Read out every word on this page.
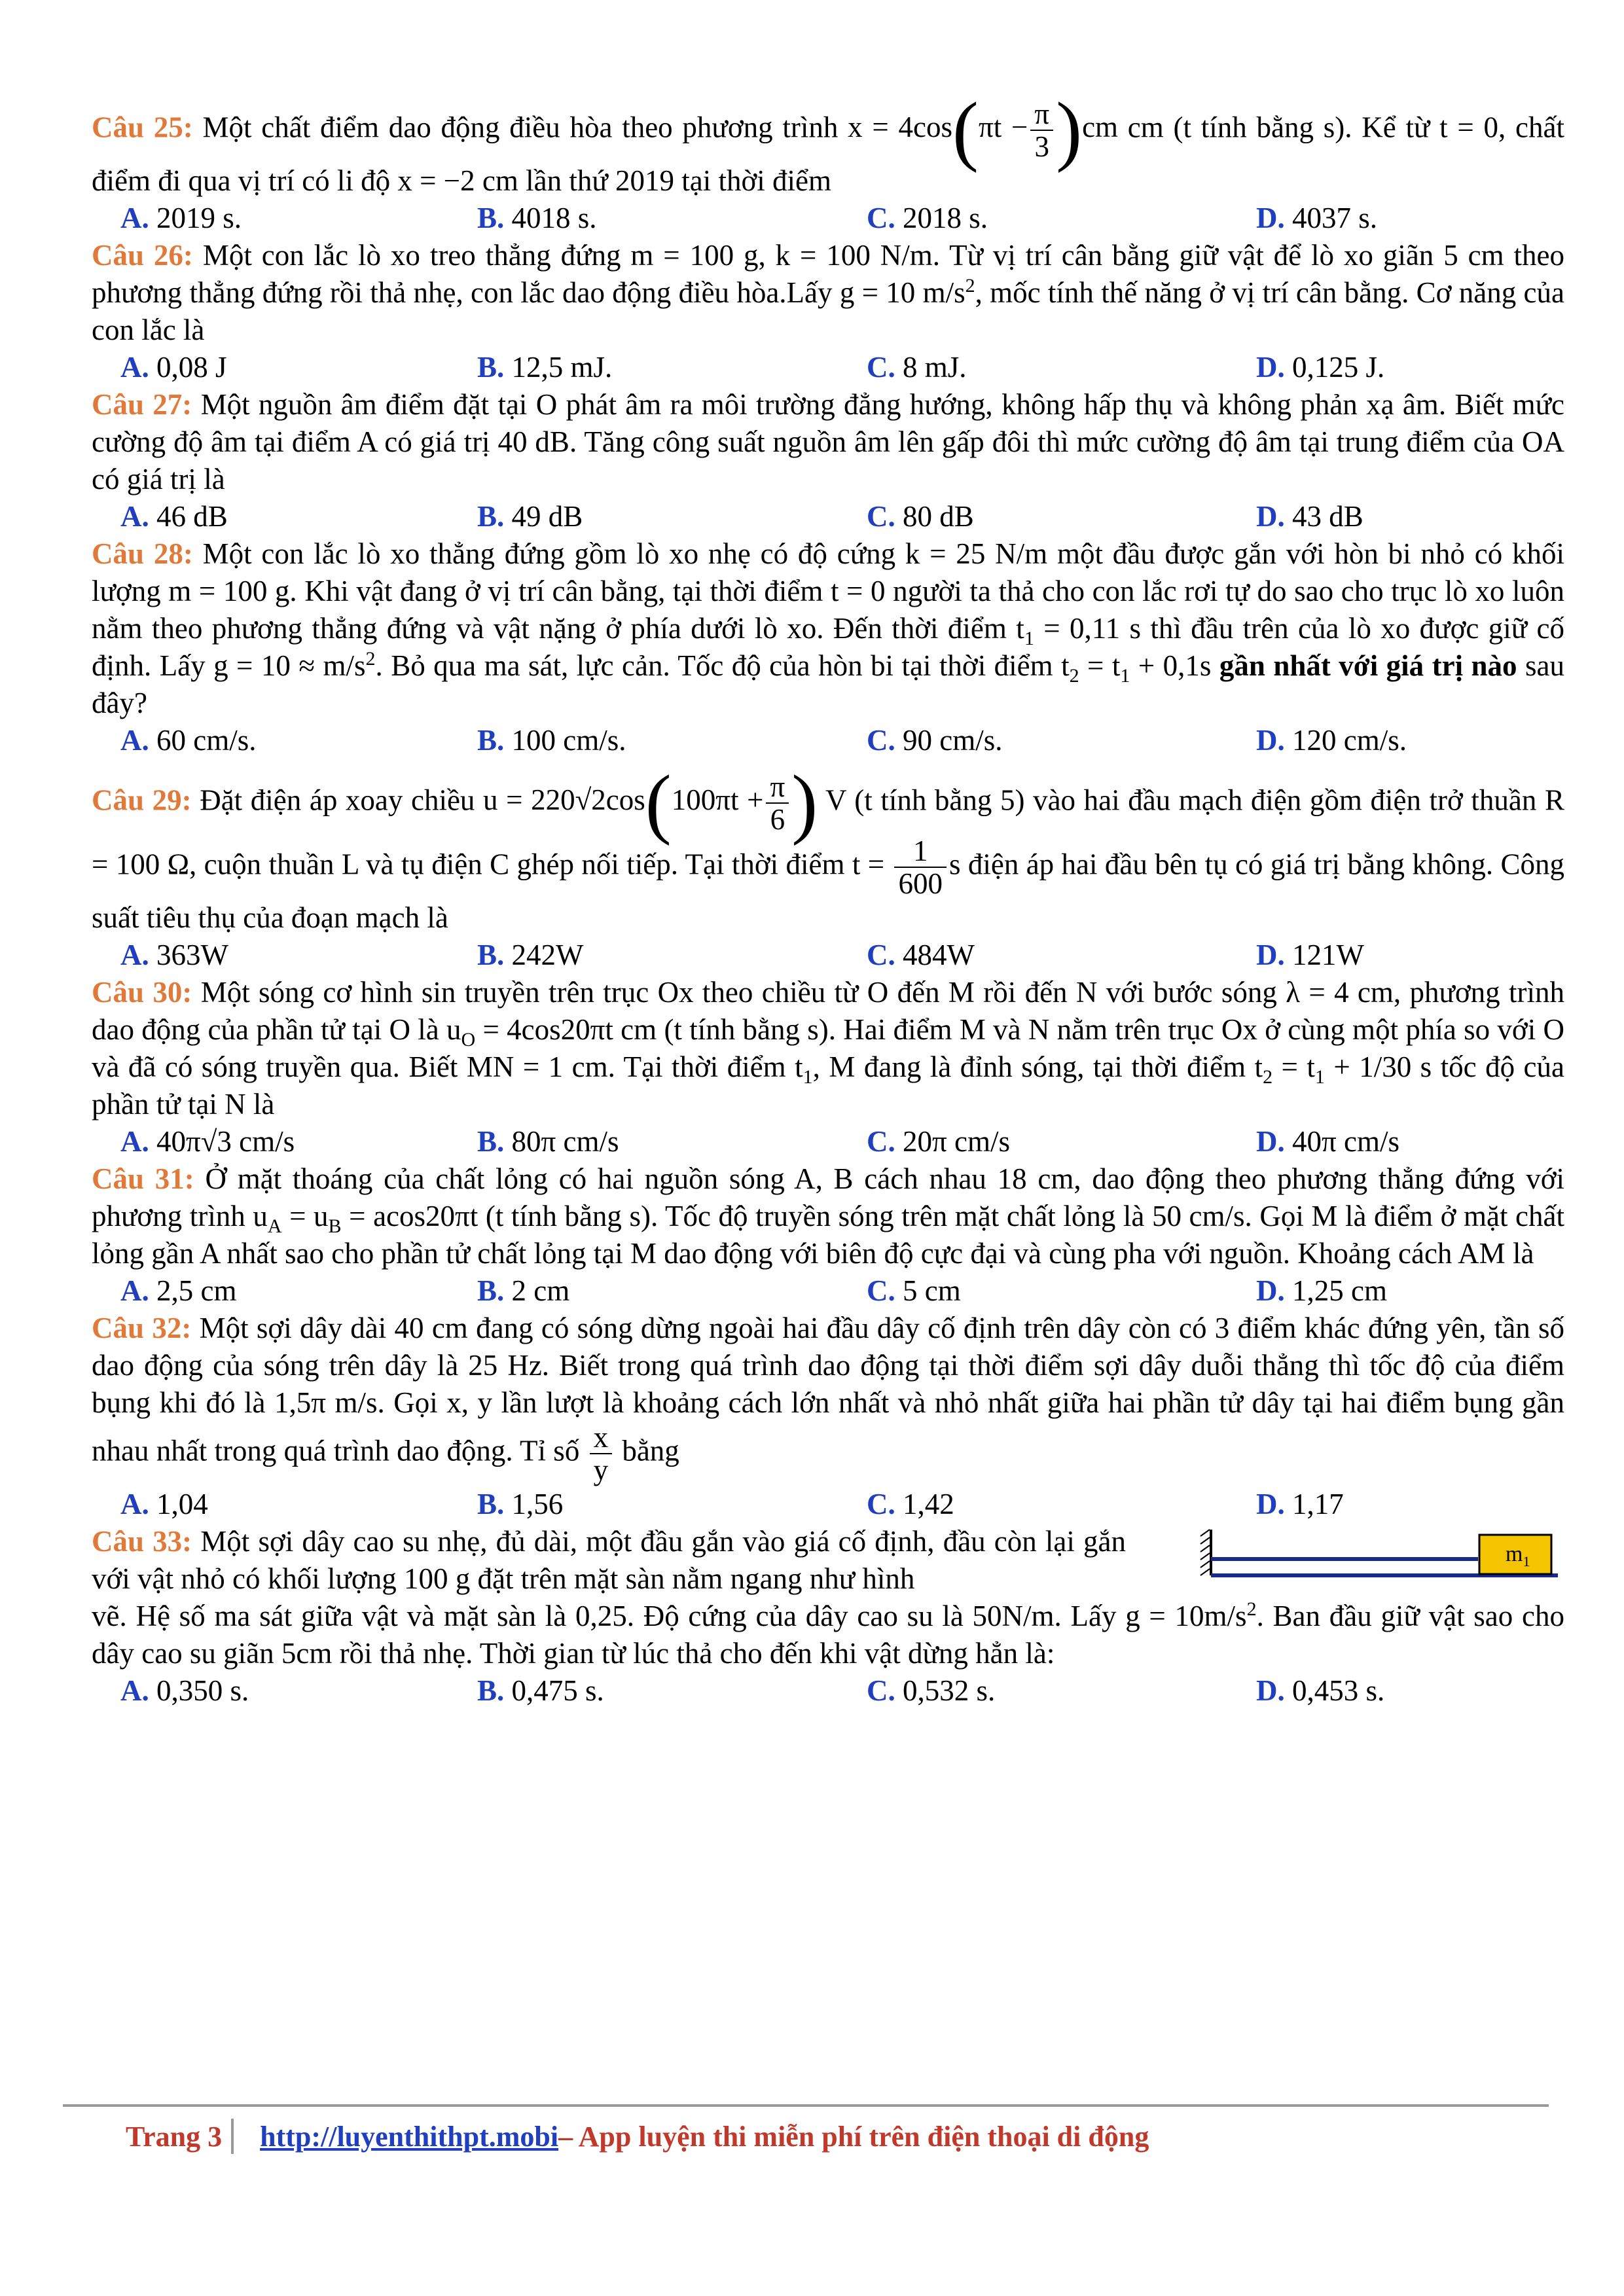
Câu 25: Một chất điểm dao động điều hòa theo phương trình $x = 4\cos(\pi t - \frac{\pi}{3} )cm$ cm (t tính bằng s). Kể từ t = 0, chất điểm đi qua vị trí có li độ x = −2 cm lần thứ 2019 tại thời điểm

A. 2019 s.	B. 4018 s.	C. 2018 s.	D. 4037 s.

Câu 26: Một con lắc lò xo treo thẳng đứng m = 100 g, k = 100 N/m. Từ vị trí cân bằng giữ vật để lò xo giãn 5 cm theo phương thẳng đứng rồi thả nhẹ, con lắc dao động điều hòa.Lấy g = 10 $m/s^2$, mốc tính thế năng ở vị trí cân bằng. Cơ năng của con lắc là

A. 0,08 J	B. 12,5 mJ.	C. 8 mJ.	D. 0,125 J.

Câu 27: Một nguồn âm điểm đặt tại O phát âm ra môi trường đẳng hướng, không hấp thụ và không phản xạ âm. Biết mức cường độ âm tại điểm A có giá trị 40 dB. Tăng công suất nguồn âm lên gấp đôi thì mức cường độ âm tại trung điểm của OA có giá trị là

A. 46 dB	B. 49 dB	C. 80 dB	D. 43 dB

Câu 28: Một con lắc lò xo thẳng đứng gồm lò xo nhẹ có độ cứng k = 25 N/m một đầu được gắn với hòn bi nhỏ có khối lượng m = 100 g. Khi vật đang ở vị trí cân bằng, tại thời điểm t = 0 người ta thả cho con lắc rơi tự do sao cho trục lò xo luôn nằm theo phương thẳng đứng và vật nặng ở phía dưới lò xo. Đến thời điểm $t_1 = 0,11$ s thì đầu trên của lò xo được giữ cố định. Lấy $g = 10 \approx m/s^2$. Bỏ qua ma sát, lực cản. Tốc độ của hòn bi tại thời điểm $t_2 = t_1 + 0,1s$ gần nhất với giá trị nào sau đây?

A. 60 cm/s.	B. 100 cm/s.	C. 90 cm/s.	D. 120 cm/s.

Câu 29: Đặt điện áp xoay chiều $u = 220√2\cos(100\pi t + \frac{\pi}{6}$ ) V (t tính bằng 5) vào hai đầu mạch điện gồm điện trở thuần R = 100 Ω, cuộn thuần L và tụ điện C ghép nối tiếp. Tại thời điểm $t = \frac{1}{600}$ s điện áp hai đầu bên tụ có giá trị bằng không. Công suất tiêu thụ của đoạn mạch là

A. 363W	B. 242W	C. 484W	D. 121W

Câu 30: Một sóng cơ hình sin truyền trên trục Ox theo chiều từ O đến M rồi đến N với bước sóng λ = 4 cm, phương trình dao động của phần tử tại O là $u_O = 4\cos 20\pi t$ cm (t tính bằng s). Hai điểm M và N nằm trên trục Ox ở cùng một phía so với O và đã có sóng truyền qua. Biết MN = 1 cm. Tại thời điểm $t_1$, M đang là đỉnh sóng, tại thời điểm $t_2 = t_1 + 1/30$ s tốc độ của phần tử tại N là

A. 40π√3 cm/s	B. 80π cm/s	C. 20π cm/s	D. 40π cm/s

Câu 31: Ở mặt thoáng của chất lỏng có hai nguồn sóng A, B cách nhau 18 cm, dao động theo phương thẳng đứng với phương trình $u_A = u_B = acos20\pi t$ (t tính bằng s). Tốc độ truyền sóng trên mặt chất lỏng là 50 cm/s. Gọi M là điểm ở mặt chất lỏng gần A nhất sao cho phần tử chất lỏng tại M dao động với biên độ cực đại và cùng pha với nguồn. Khoảng cách AM là

A. 2,5 cm	B. 2 cm	C. 5 cm	D. 1,25 cm

Câu 32: Một sợi dây dài 40 cm đang có sóng dừng ngoài hai đầu dây cố định trên dây còn có 3 điểm khác đứng yên, tần số dao động của sóng trên dây là 25 Hz. Biết trong quá trình dao động tại thời điểm sợi dây duỗi thẳng thì tốc độ của điểm bụng khi đó là 1,5π m/s. Gọi x, y lần lượt là khoảng cách lớn nhất và nhỏ nhất giữa hai phần tử dây tại hai điểm bụng gần nhau nhất trong quá trình dao động. Tỉ số $\frac{x}{y}$ bằng

A. 1,04	B. 1,56	C. 1,42	D. 1,17

Câu 33: Một sợi dây cao su nhẹ, đủ dài, một đầu gắn vào giá cố định, đầu còn lại gắn với vật nhỏ có khối lượng 100 g đặt trên mặt sàn nằm ngang như hình

vẽ. Hệ số ma sát giữa vật và mặt sàn là 0,25. Độ cứng của dây cao su là 50N/m. Lấy $g = 10m/s^2$. Ban đầu giữ vật sao cho dây cao su giãn 5cm rồi thả nhẹ. Thời gian từ lúc thả cho đến khi vật dừng hẳn là:

$m_1$
A. 0,350 s.	B. 0,475 s.	C. 0,532 s.	D. 0,453 s.
Trang 3 http://luyenthithpt.mobi – App luyện thi miễn phí trên điện thoại di động
